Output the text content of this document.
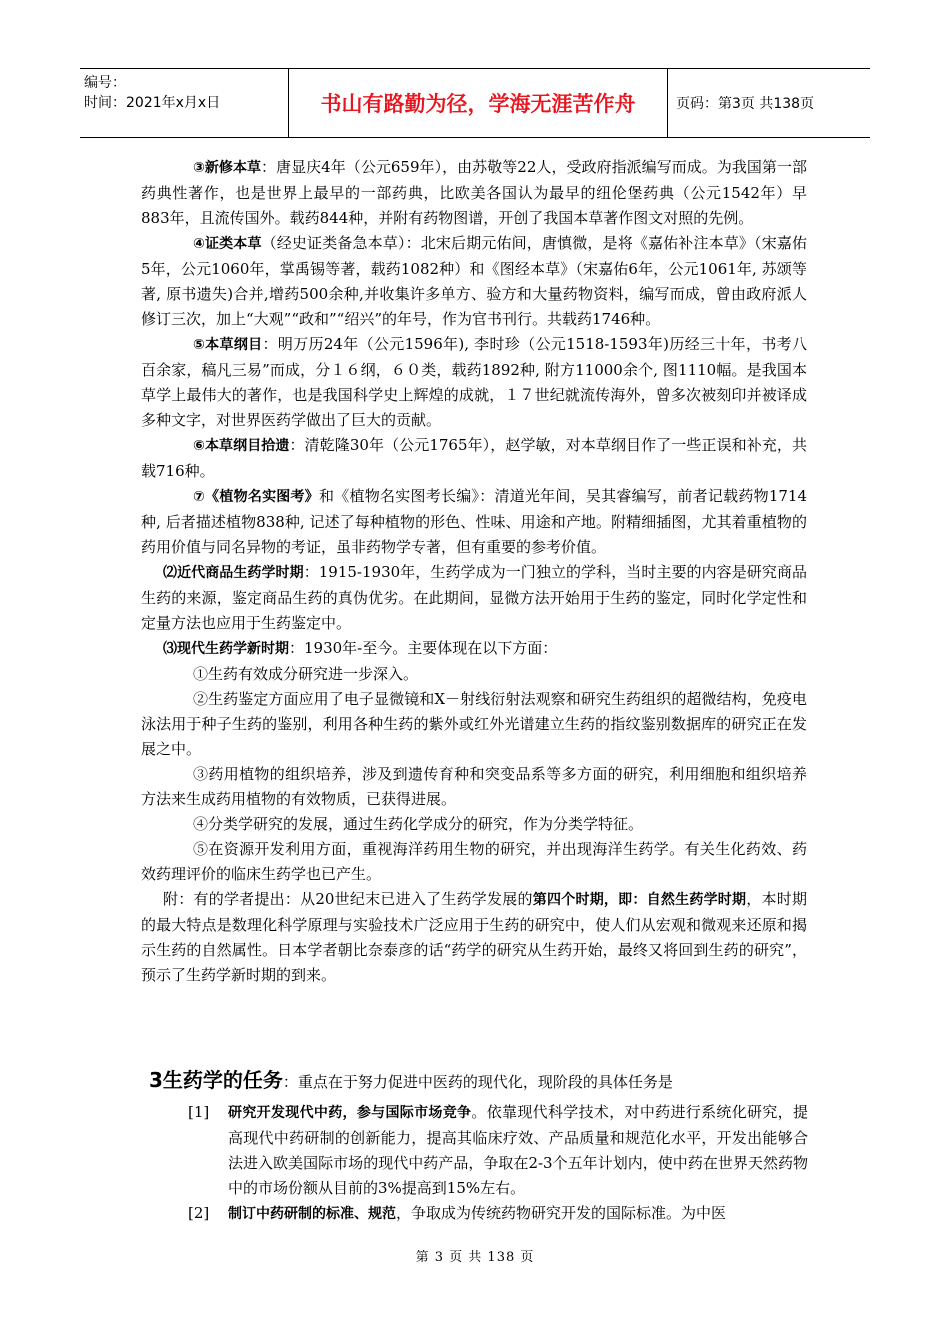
编号：
时间：2021年x月x日	书山有路勤为径，学海无涯苦作舟	页码：第3页 共138页

③新修本草：唐显庆4年（公元659年），由苏敬等22人，受政府指派编写而成。为我国第一部药典性著作，也是世界上最早的一部药典，比欧美各国认为最早的纽伦堡药典（公元1542年）早883年，且流传国外。载药844种，并附有药物图谱，开创了我国本草著作图文对照的先例。

④证类本草（经史证类备急本草）：北宋后期元佑间，唐慎微，是将《嘉佑补注本草》（宋嘉佑5年，公元1060年，掌禹锡等著，载药1082种）和《图经本草》（宋嘉佑6年，公元1061年, 苏颂等著, 原书遗失)合并,增药500余种,并收集许多单方、验方和大量药物资料，编写而成，曾由政府派人修订三次，加上“大观”“政和”“绍兴”的年号，作为官书刊行。共载药1746种。

⑤本草纲目：明万历24年（公元1596年), 李时珍（公元1518-1593年)历经三十年，书考八百余家，稿凡三易”而成，分１６纲，６０类，载药1892种, 附方11000余个, 图1110幅。是我国本草学上最伟大的著作，也是我国科学史上辉煌的成就，１７世纪就流传海外，曾多次被刻印并被译成多种文字，对世界医药学做出了巨大的贡献。

⑥本草纲目拾遗：清乾隆30年（公元1765年），赵学敏，对本草纲目作了一些正误和补充，共载716种。

⑦《植物名实图考》和《植物名实图考长编》：清道光年间，吴其睿编写，前者记载药物1714种, 后者描述植物838种, 记述了每种植物的形色、性味、用途和产地。附精细插图，尤其着重植物的药用价值与同名异物的考证，虽非药物学专著，但有重要的参考价值。

⑵近代商品生药学时期：1915-1930年，生药学成为一门独立的学科，当时主要的内容是研究商品生药的来源，鉴定商品生药的真伪优劣。在此期间，显微方法开始用于生药的鉴定，同时化学定性和定量方法也应用于生药鉴定中。

⑶现代生药学新时期：1930年-至今。主要体现在以下方面：

①生药有效成分研究进一步深入。

②生药鉴定方面应用了电子显微镜和X－射线衍射法观察和研究生药组织的超微结构，免疫电泳法用于种子生药的鉴别，利用各种生药的紫外或红外光谱建立生药的指纹鉴别数据库的研究正在发展之中。

③药用植物的组织培养，涉及到遗传育种和突变品系等多方面的研究，利用细胞和组织培养方法来生成药用植物的有效物质，已获得进展。

④分类学研究的发展，通过生药化学成分的研究，作为分类学特征。

⑤在资源开发利用方面，重视海洋药用生物的研究，并出现海洋生药学。有关生化药效、药效药理评价的临床生药学也已产生。

附：有的学者提出：从20世纪末已进入了生药学发展的第四个时期，即：自然生药学时期，本时期的最大特点是数理化科学原理与实验技术广泛应用于生药的研究中，使人们从宏观和微观来还原和揭示生药的自然属性。日本学者朝比奈泰彦的话“药学的研究从生药开始，最终又将回到生药的研究”，预示了生药学新时期的到来。

3生药学的任务：重点在于努力促进中医药的现代化，现阶段的具体任务是
[1]	研究开发现代中药，参与国际市场竞争。依靠现代科学技术，对中药进行系统化研究，提高现代中药研制的创新能力，提高其临床疗效、产品质量和规范化水平，开发出能够合法进入欧美国际市场的现代中药产品，争取在2-3个五年计划内，使中药在世界天然药物中的市场份额从目前的3%提高到15%左右。
[2]	制订中药研制的标准、规范，争取成为传统药物研究开发的国际标准。为中医
第 3 页 共 138 页
